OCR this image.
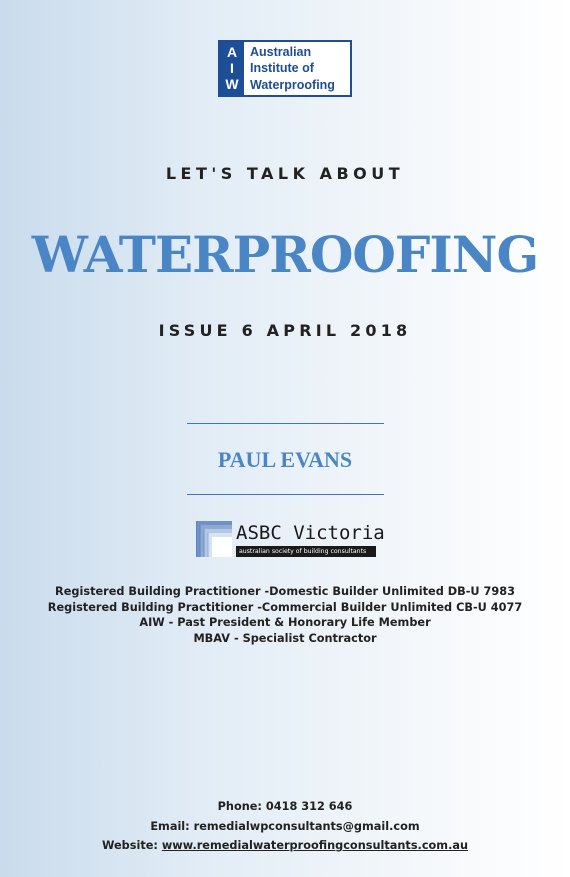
A
I
W
Australian
Institute of
Waterproofing
LET'S TALK ABOUT
WATERPROOFING
ISSUE 6 APRIL 2018
PAUL EVANS
ASBC Victoria
australian society of building consultants
Registered Building Practitioner -Domestic Builder Unlimited DB-U 7983
Registered Building Practitioner -Commercial Builder Unlimited CB-U 4077
AIW - Past President & Honorary Life Member
MBAV - Specialist Contractor
Phone: 0418 312 646
Email: remedialwpconsultants@gmail.com
Website: www.remedialwaterproofingconsultants.com.au
